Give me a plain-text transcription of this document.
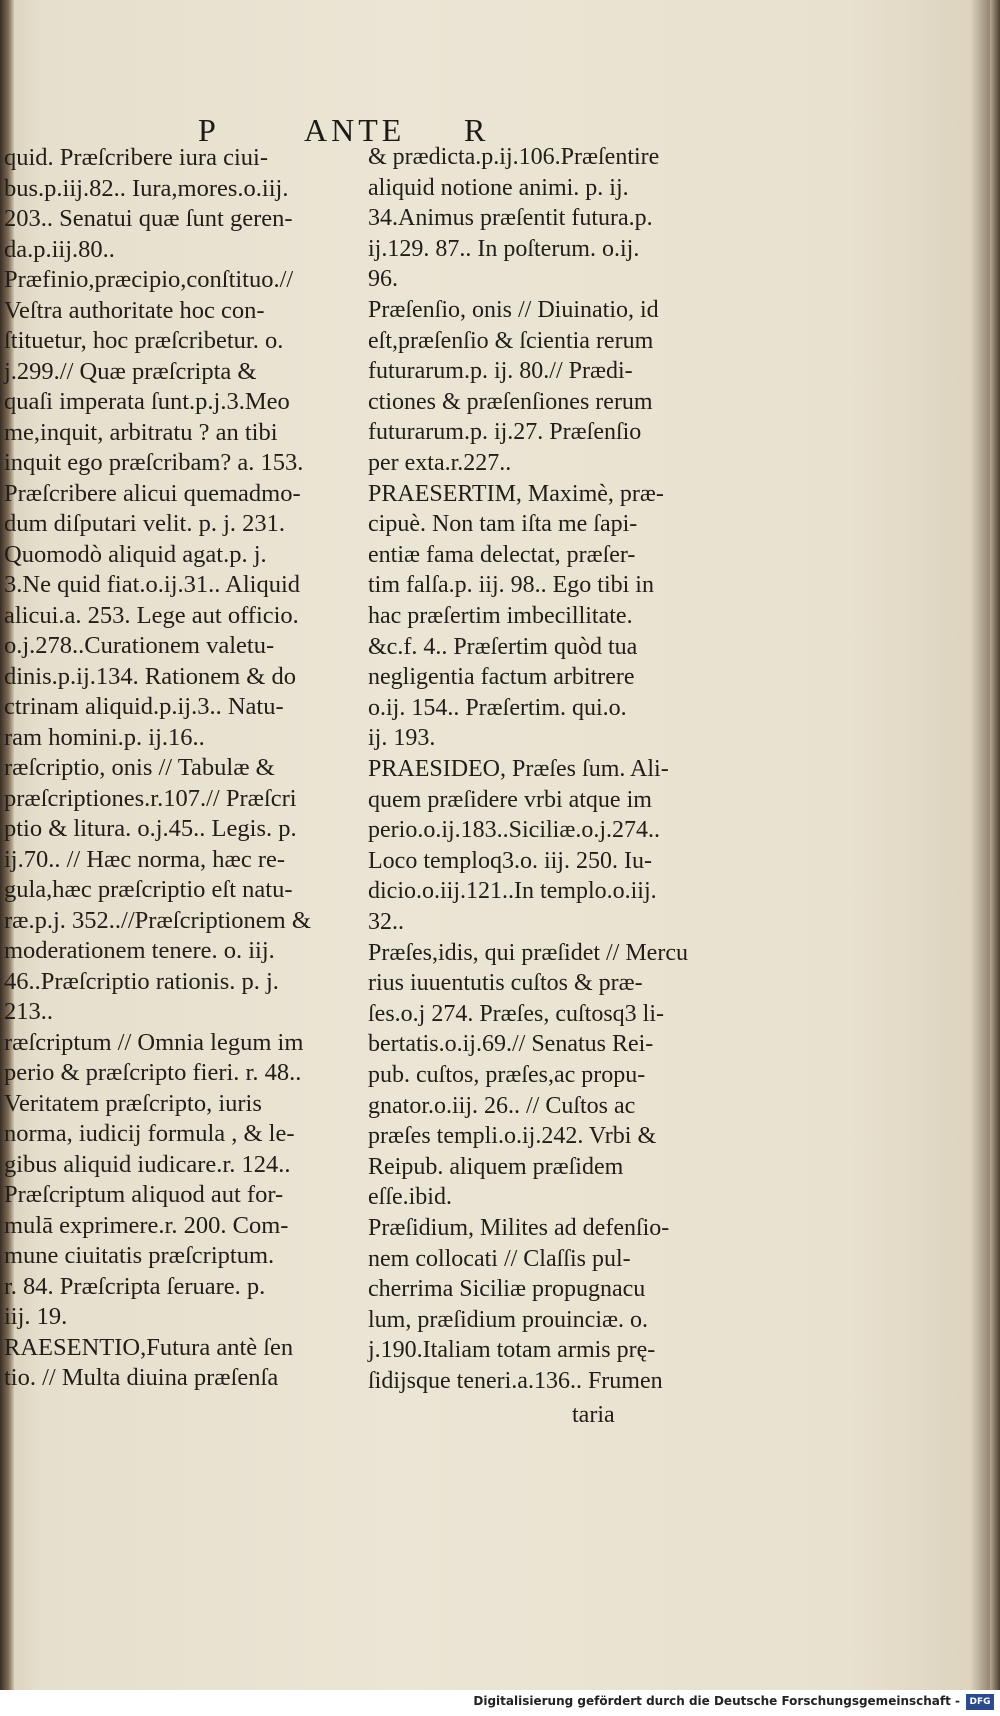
P	ANTE R
quid. Præſcribere iura ciui-
bus.p.iij.82.. Iura,mores.o.iij.
203.. Senatui quæ ſunt geren-
da.p.iij.80..
Præfinio,præcipio,conſtituo.//
Veſtra authoritate hoc con-
ſtituetur, hoc præſcribetur. o.
j.299.// Quæ præſcripta &
quaſi imperata ſunt.p.j.3.Meo
me,inquit, arbitratu ? an tibi
inquit ego præſcribam? a. 153.
Præſcribere alicui quemadmo-
dum diſputari velit. p. j. 231.
Quomodò aliquid agat.p. j.
3.Ne quid fiat.o.ij.31.. Aliquid
alicui.a. 253. Lege aut officio.
o.j.278..Curationem valetu-
dinis.p.ij.134. Rationem & do
ctrinam aliquid.p.ij.3.. Natu-
ram homini.p. ij.16..
ræſcriptio, onis // Tabulæ &
præſcriptiones.r.107.// Præſcri
ptio & litura. o.j.45.. Legis. p.
ij.70.. // Hæc norma, hæc re-
gula,hæc præſcriptio eſt natu-
ræ.p.j. 352..//Præſcriptionem &
moderationem tenere. o. iij.
46..Præſcriptio rationis. p. j.
213..
ræſcriptum // Omnia legum im
perio & præſcripto fieri. r. 48..
Veritatem præſcripto, iuris
norma, iudicij formula , & le-
gibus aliquid iudicare.r. 124..
Præſcriptum aliquod aut for-
mulā exprimere.r. 200. Com-
mune ciuitatis præſcriptum.
r. 84. Præſcripta ſeruare. p.
iij. 19.
RAESENTIO,Futura antè ſen
tio. // Multa diuina præſenſa
& prædicta.p.ij.106.Præſentire
aliquid notione animi. p. ij.
34.Animus præſentit futura.p.
ij.129. 87.. In poſterum. o.ij.
96.
Præſenſio, onis // Diuinatio, id
eſt,præſenſio & ſcientia rerum
futurarum.p. ij. 80.// Prædi-
ctiones & præſenſiones rerum
futurarum.p. ij.27. Præſenſio
per exta.r.227..
PRAESERTIM, Maximè, præ-
cipuè. Non tam iſta me ſapi-
entiæ fama delectat, præſer-
tim falſa.p. iij. 98.. Ego tibi in
hac præſertim imbecillitate.
&c.f. 4.. Præſertim quòd tua
negligentia factum arbitrere
o.ij. 154.. Præſertim. qui.o.
ij. 193.
PRAESIDEO, Præſes ſum. Ali-
quem præſidere vrbi atque im
perio.o.ij.183..Siciliæ.o.j.274..
Loco temploq3.o. iij. 250. Iu-
dicio.o.iij.121..In templo.o.iij.
32..
Præſes,idis, qui præſidet // Mercu
rius iuuentutis cuſtos & præ-
ſes.o.j 274. Præſes, cuſtosq3 li-
bertatis.o.ij.69.// Senatus Rei-
pub. cuſtos, præſes,ac propu-
gnator.o.iij. 26.. // Cuſtos ac
præſes templi.o.ij.242. Vrbi &
Reipub. aliquem præſidem
eſſe.ibid.
Præſidium, Milites ad defenſio-
nem collocati // Claſſis pul-
cherrima Siciliæ propugnacu
lum, præſidium prouinciæ. o.
j.190.Italiam totam armis prę-
ſidijsque teneri.a.136.. Frumen
taria
Digitalisierung gefördert durch die Deutsche Forschungsgemeinschaft -	DFG
